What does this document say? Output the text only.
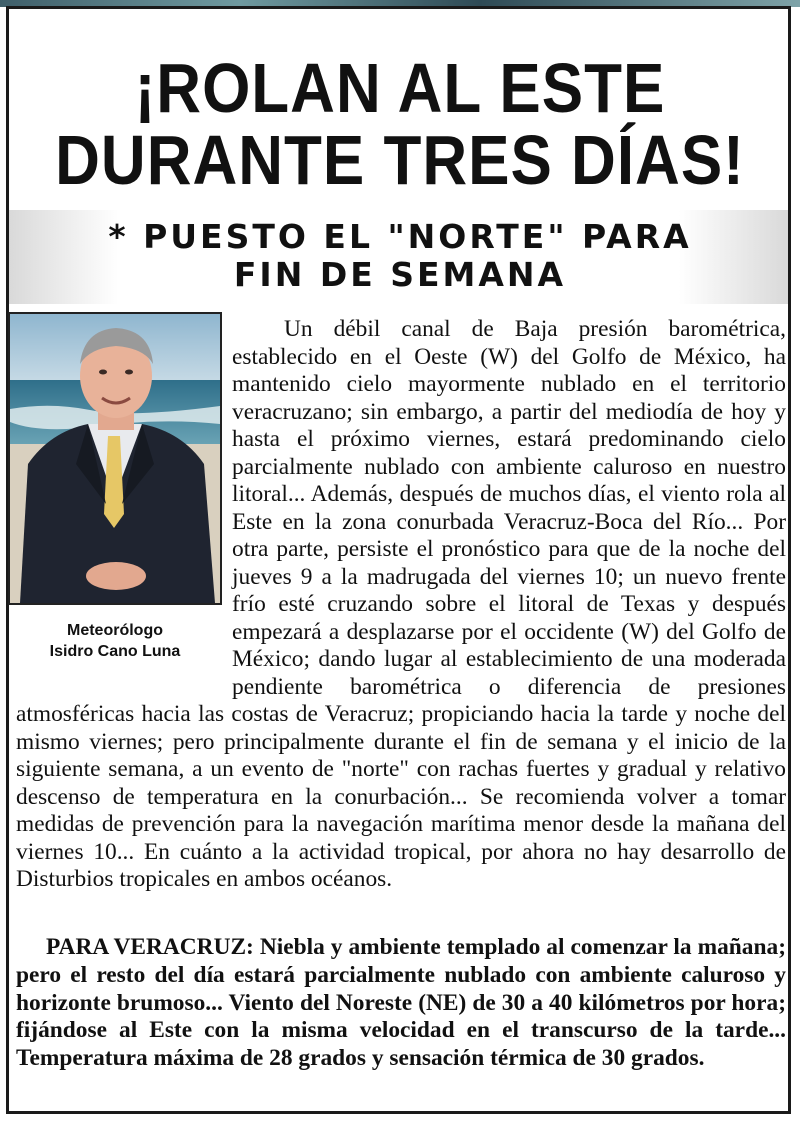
¡ROLAN AL ESTE
DURANTE TRES DÍAS!
* PUESTO EL "NORTE" PARA
FIN DE SEMANA
Meteorólogo
Isidro Cano Luna

Un débil canal de Baja presión barométrica, establecido en el Oeste (W) del Golfo de México, ha mantenido cielo mayormente nublado en el territorio veracruzano; sin embargo, a partir del mediodía de hoy y hasta el próximo viernes, estará predominando cielo parcialmente nublado con ambiente caluroso en nuestro litoral... Además, después de muchos días, el viento rola al Este en la zona conurbada Veracruz-Boca del Río... Por otra parte, persiste el pronóstico para que de la noche del jueves 9 a la madrugada del viernes 10; un nuevo frente frío esté cruzando sobre el litoral de Texas y después empezará a desplazarse por el occidente (W) del Golfo de México; dando lugar al establecimiento de una moderada pendiente barométrica o diferencia de presiones atmosféricas hacia las costas de Veracruz; propiciando hacia la tarde y noche del mismo viernes; pero principalmente durante el fin de semana y el inicio de la siguiente semana, a un evento de "norte" con rachas fuertes y gradual y relativo descenso de temperatura en la conurbación... Se recomienda volver a tomar medidas de prevención para la navegación marítima menor desde la mañana del viernes 10... En cuánto a la actividad tropical, por ahora no hay desarrollo de Disturbios tropicales en ambos océanos.

PARA VERACRUZ: Niebla y ambiente templado al comenzar la mañana; pero el resto del día estará parcialmente nublado con ambiente caluroso y horizonte brumoso... Viento del Noreste (NE) de 30 a 40 kilómetros por hora; fijándose al Este con la misma velocidad en el transcurso de la tarde... Temperatura máxima de 28 grados y sensación térmica de 30 grados.
